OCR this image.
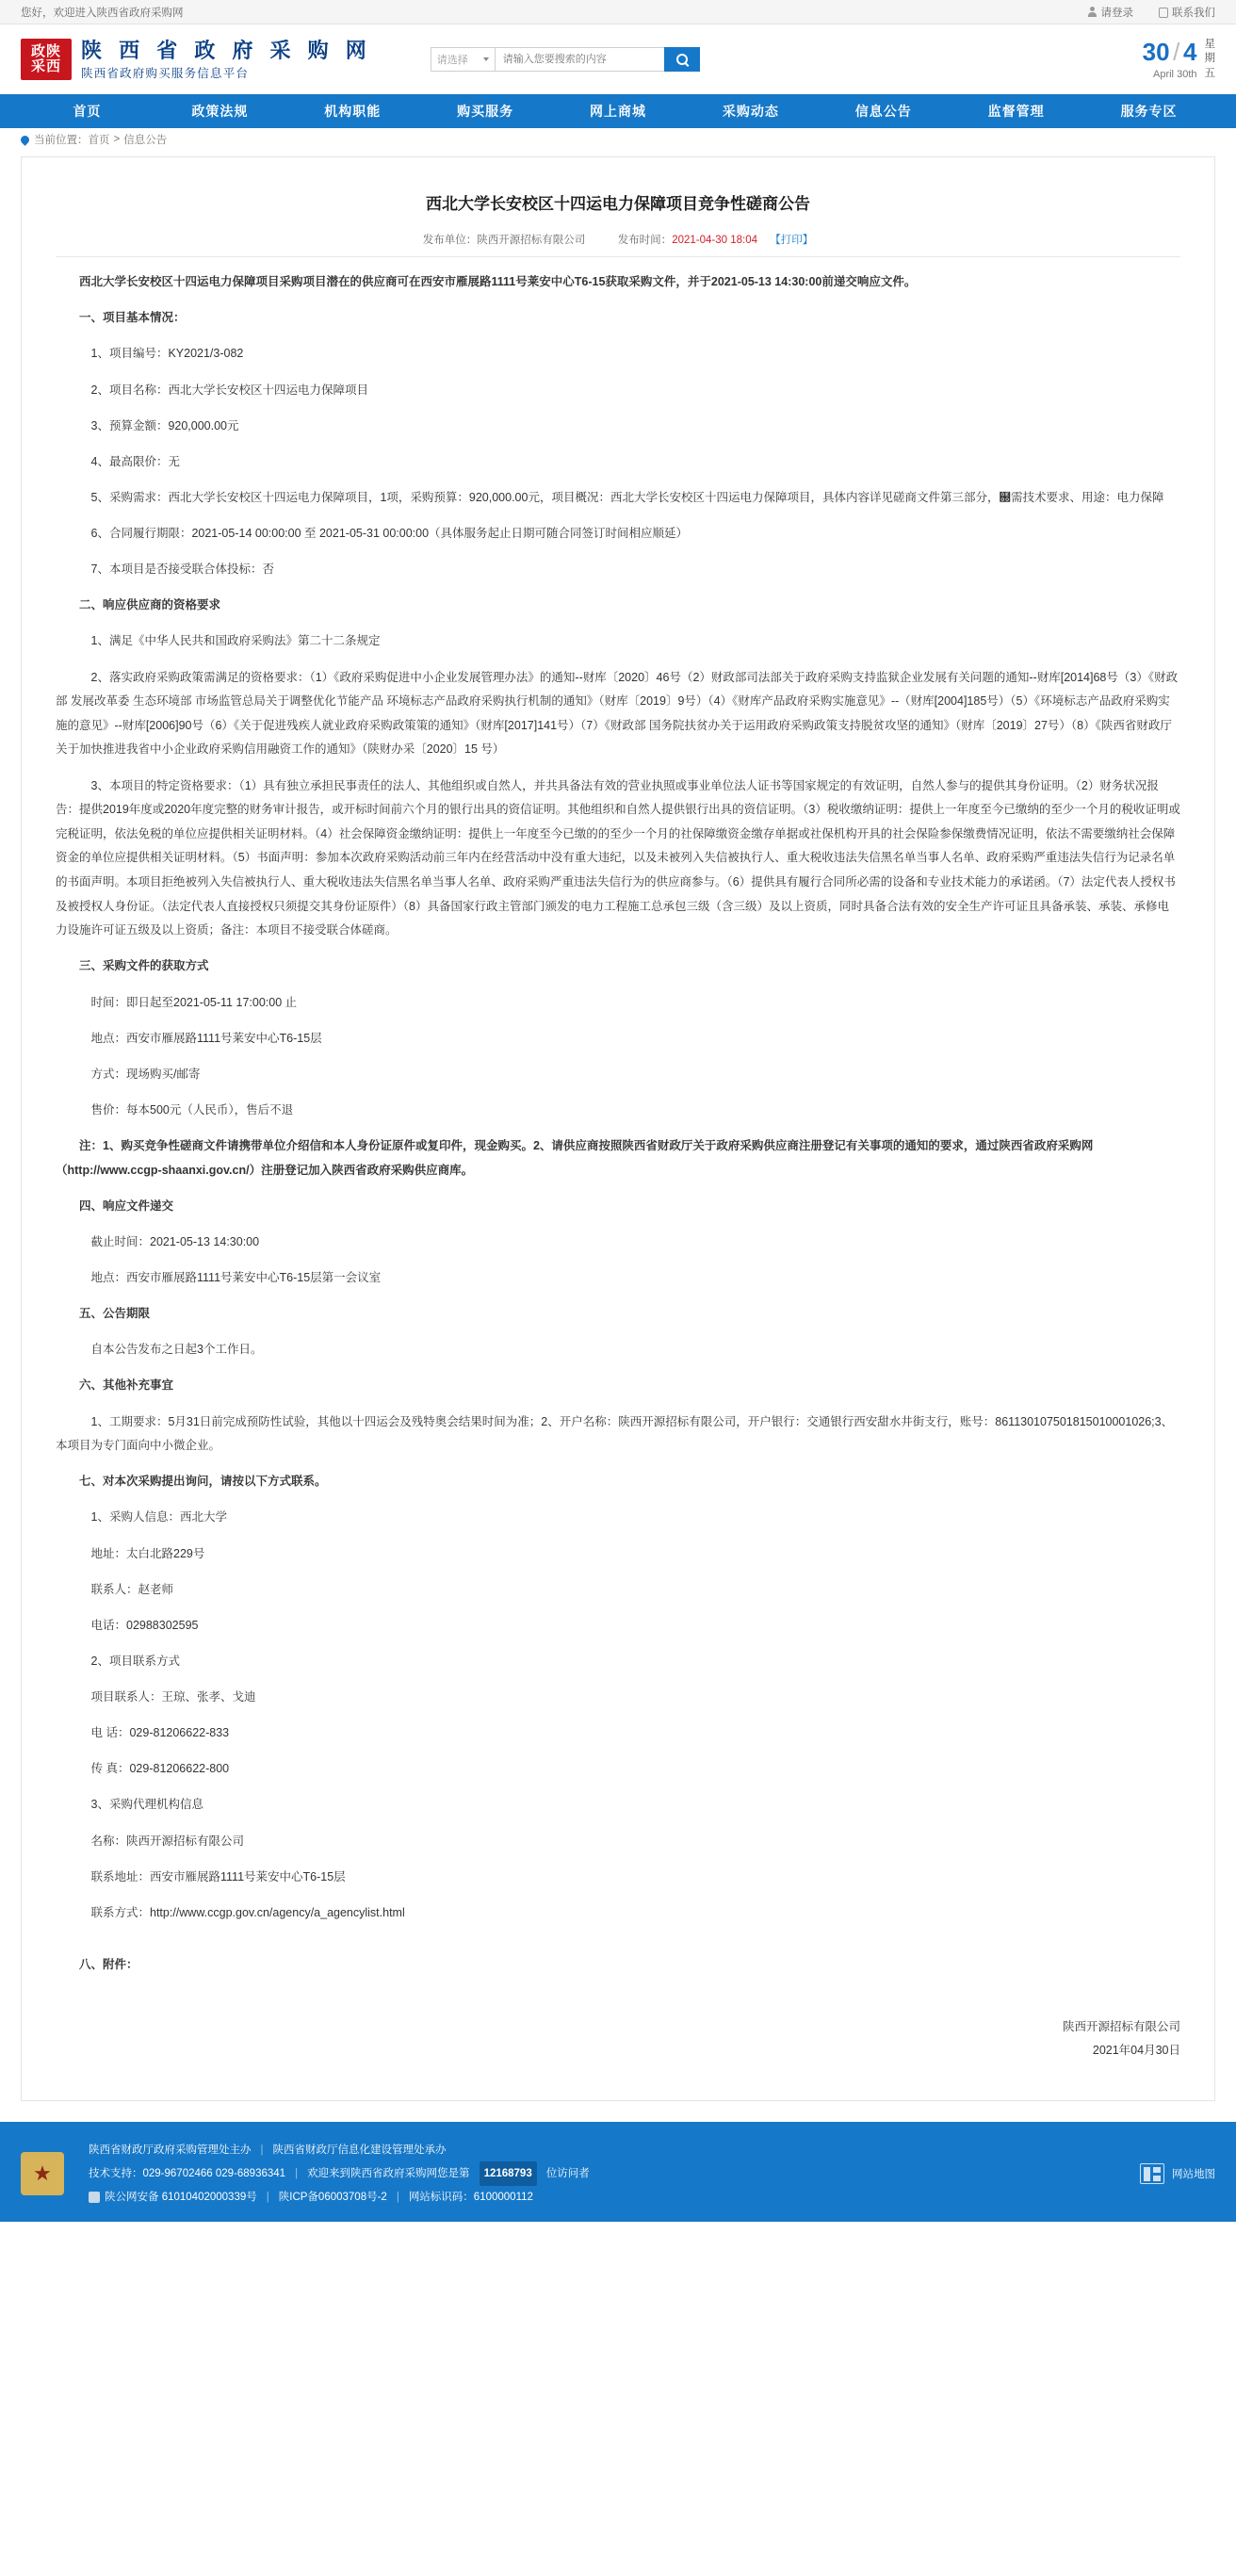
您好，欢迎进入陕西省政府采购网	请登录	联系我们
政陕
采西
陕 西 省 政 府 采 购 网
陕西省政府购买服务信息平台
请选择
请输入您要搜索的内容	30 / 4
April 30th
星
期
五
首页	政策法规	机构职能	购买服务	网上商城	采购动态	信息公告	监督管理	服务专区
当前位置： 首页 > 信息公告
西北大学长安校区十四运电力保障项目竞争性磋商公告
发布单位：陕西开源招标有限公司	发布时间：2021-04-30 18:04 【打印】

西北大学长安校区十四运电力保障项目采购项目潜在的供应商可在西安市雁展路1111号莱安中心T6-15获取采购文件，并于2021-05-13 14:30:00前递交响应文件。

一、项目基本情况：

1、项目编号：KY2021/3-082

2、项目名称：西北大学长安校区十四运电力保障项目

3、预算金额：920,000.00元

4、最高限价：无

5、采购需求：西北大学长安校区十四运电力保障项目，1项，采购预算：920,000.00元，项目概况：西北大学长安校区十四运电力保障项目，具体内容详见磋商文件第三部分，฀需技术要求、用途：电力保障

6、合同履行期限：2021-05-14 00:00:00 至 2021-05-31 00:00:00（具体服务起止日期可随合同签订时间相应顺延）

7、本项目是否接受联合体投标：否

二、响应供应商的资格要求

1、满足《中华人民共和国政府采购法》第二十二条规定

2、落实政府采购政策需满足的资格要求：（1）《政府采购促进中小企业发展管理办法》的通知--财库〔2020〕46号（2）财政部司法部关于政府采购支持监狱企业发展有关问题的通知--财库[2014]68号（3）《财政部 发展改革委 生态环境部 市场监管总局关于调整优化节能产品 环境标志产品政府采购执行机制的通知》（财库〔2019〕9号）（4）《财库产品政府采购实施意见》--（财库[2004]185号）（5）《环境标志产品政府采购实施的意见》--财库[2006]90号（6）《关于促进残疾人就业政府采购政策策的通知》（财库[2017]141号）（7）《财政部 国务院扶贫办关于运用政府采购政策支持脱贫攻坚的通知》（财库〔2019〕27号）（8）《陕西省财政厅关于加快推进我省中小企业政府采购信用融资工作的通知》（陕财办采〔2020〕15 号）

3、本项目的特定资格要求：（1）具有独立承担民事责任的法人、其他组织或自然人，并共具备法有效的营业执照或事业单位法人证书等国家规定的有效证明，自然人参与的提供其身份证明。（2）财务状况报告：提供2019年度或2020年度完整的财务审计报告，或开标时间前六个月的银行出具的资信证明。其他组织和自然人提供银行出具的资信证明。（3）税收缴纳证明：提供上一年度至今已缴纳的至少一个月的税收证明或完税证明，依法免税的单位应提供相关证明材料。（4）社会保障资金缴纳证明：提供上一年度至今已缴的的至少一个月的社保障缴资金缴存单据或社保机构开具的社会保险参保缴费情况证明，依法不需要缴纳社会保障资金的单位应提供相关证明材料。（5）书面声明：参加本次政府采购活动前三年内在经营活动中没有重大违纪，以及未被列入失信被执行人、重大税收违法失信黑名单当事人名单、政府采购严重违法失信行为记录名单的书面声明。本项目拒绝被列入失信被执行人、重大税收违法失信黑名单当事人名单、政府采购严重违法失信行为的供应商参与。（6）提供具有履行合同所必需的设备和专业技术能力的承诺函。（7）法定代表人授权书及被授权人身份证。（法定代表人直接授权只须提交其身份证原件）（8）具备国家行政主管部门颁发的电力工程施工总承包三级（含三级）及以上资质，同时具备合法有效的安全生产许可证且具备承装、承装、承修电力设施许可证五级及以上资质；备注：本项目不接受联合体磋商。

三、采购文件的获取方式

时间：即日起至2021-05-11 17:00:00 止

地点：西安市雁展路1111号莱安中心T6-15层

方式：现场购买/邮寄

售价：每本500元（人民币），售后不退

注：1、购买竞争性磋商文件请携带单位介绍信和本人身份证原件或复印件，现金购买。2、请供应商按照陕西省财政厅关于政府采购供应商注册登记有关事项的通知的要求，通过陕西省政府采购网（http://www.ccgp-shaanxi.gov.cn/）注册登记加入陕西省政府采购供应商库。

四、响应文件递交

截止时间：2021-05-13 14:30:00

地点：西安市雁展路1111号莱安中心T6-15层第一会议室

五、公告期限

自本公告发布之日起3个工作日。

六、其他补充事宜

1、工期要求：5月31日前完成预防性试验，其他以十四运会及残特奥会结果时间为准；2、开户名称：陕西开源招标有限公司，开户银行：交通银行西安甜水井街支行，账号：861130107501815010001026;3、本项目为专门面向中小微企业。

七、对本次采购提出询问，请按以下方式联系。

1、采购人信息：西北大学

地址：太白北路229号

联系人：赵老师

电话：02988302595

2、项目联系方式

项目联系人：王琼、张孝、戈迪

电 话：029-81206622-833

传 真：029-81206622-800

3、采购代理机构信息

名称：陕西开源招标有限公司

联系地址：西安市雁展路1111号莱安中心T6-15层

联系方式：http://www.ccgp.gov.cn/agency/a_agencylist.html

八、附件：

陕西开源招标有限公司
2021年04月30日
★
陕西省财政厅政府采购管理处主办 | 陕西省财政厅信息化建设管理处承办
技术支持：029-96702466 029-68936341 | 欢迎来到陕西省政府采购网您是第	12168793	位访问者
陕公网安备 61010402000339号 | 陕ICP备06003708号-2 | 网站标识码：6100000112
网站地图
